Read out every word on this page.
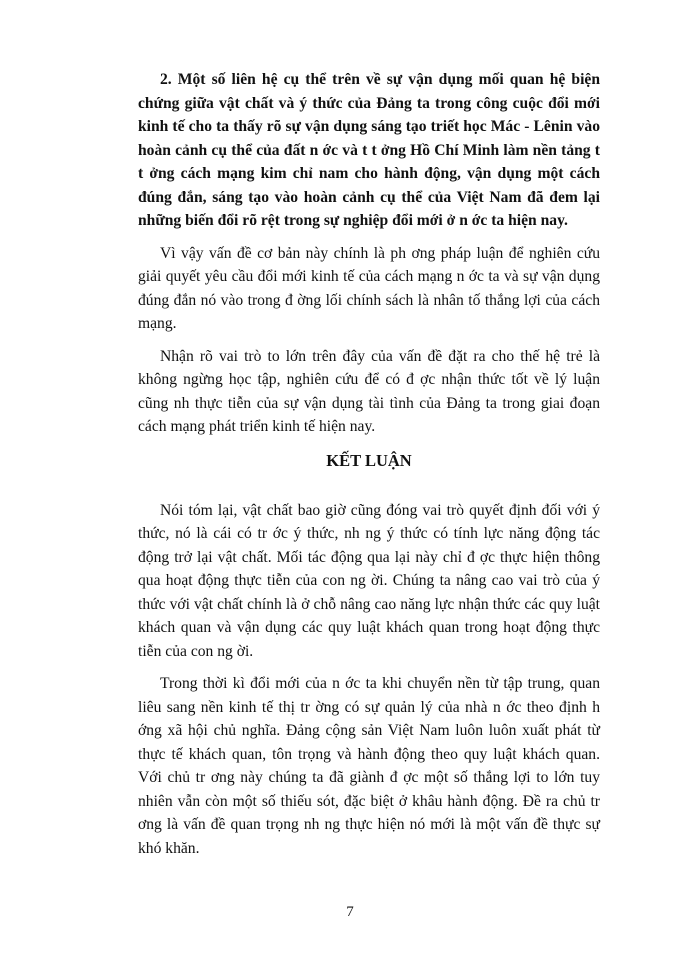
2. Một số liên hệ cụ thể trên về sự vận dụng mối quan hệ biện chứng giữa vật chất và ý thức của Đảng ta trong công cuộc đổi mới kinh tế cho ta thấy rõ sự vận dụng sáng tạo triết học Mác - Lênin vào hoàn cảnh cụ thể của đất n ớc và t t ởng Hồ Chí Minh làm nền tảng t t ởng cách mạng kim chỉ nam cho hành động, vận dụng một cách đúng đắn, sáng tạo vào hoàn cảnh cụ thể của Việt Nam đã đem lại những biến đổi rõ rệt trong sự nghiệp đổi mới ở n ớc ta hiện nay.

Vì vậy vấn đề cơ bản này chính là ph ơng pháp luận để nghiên cứu giải quyết yêu cầu đổi mới kinh tế của cách mạng n ớc ta và sự vận dụng đúng đắn nó vào trong đ ờng lối chính sách là nhân tố thắng lợi của cách mạng.

Nhận rõ vai trò to lớn trên đây của vấn đề đặt ra cho thế hệ trẻ là không ngừng học tập, nghiên cứu để có đ ợc nhận thức tốt về lý luận cũng nh thực tiễn của sự vận dụng tài tình của Đảng ta trong giai đoạn cách mạng phát triển kinh tế hiện nay.

KẾT LUẬN

Nói tóm lại, vật chất bao giờ cũng đóng vai trò quyết định đối với ý thức, nó là cái có tr ớc ý thức, nh ng ý thức có tính lực năng động tác động trở lại vật chất. Mối tác động qua lại này chỉ đ ợc thực hiện thông qua hoạt động thực tiễn của con ng ời. Chúng ta nâng cao vai trò của ý thức với vật chất chính là ở chỗ nâng cao năng lực nhận thức các quy luật khách quan và vận dụng các quy luật khách quan trong hoạt động thực tiễn của con ng ời.

Trong thời kì đổi mới của n ớc ta khi chuyển nền từ tập trung, quan liêu sang nền kinh tế thị tr ờng có sự quản lý của nhà n ớc theo định h ớng xã hội chủ nghĩa. Đảng cộng sản Việt Nam luôn luôn xuất phát từ thực tế khách quan, tôn trọng và hành động theo quy luật khách quan. Với chủ tr ơng này chúng ta đã giành đ ợc một số thắng lợi to lớn tuy nhiên vẫn còn một số thiếu sót, đặc biệt ở khâu hành động. Đề ra chủ tr ơng là vấn đề quan trọng nh ng thực hiện nó mới là một vấn đề thực sự khó khăn.

7
